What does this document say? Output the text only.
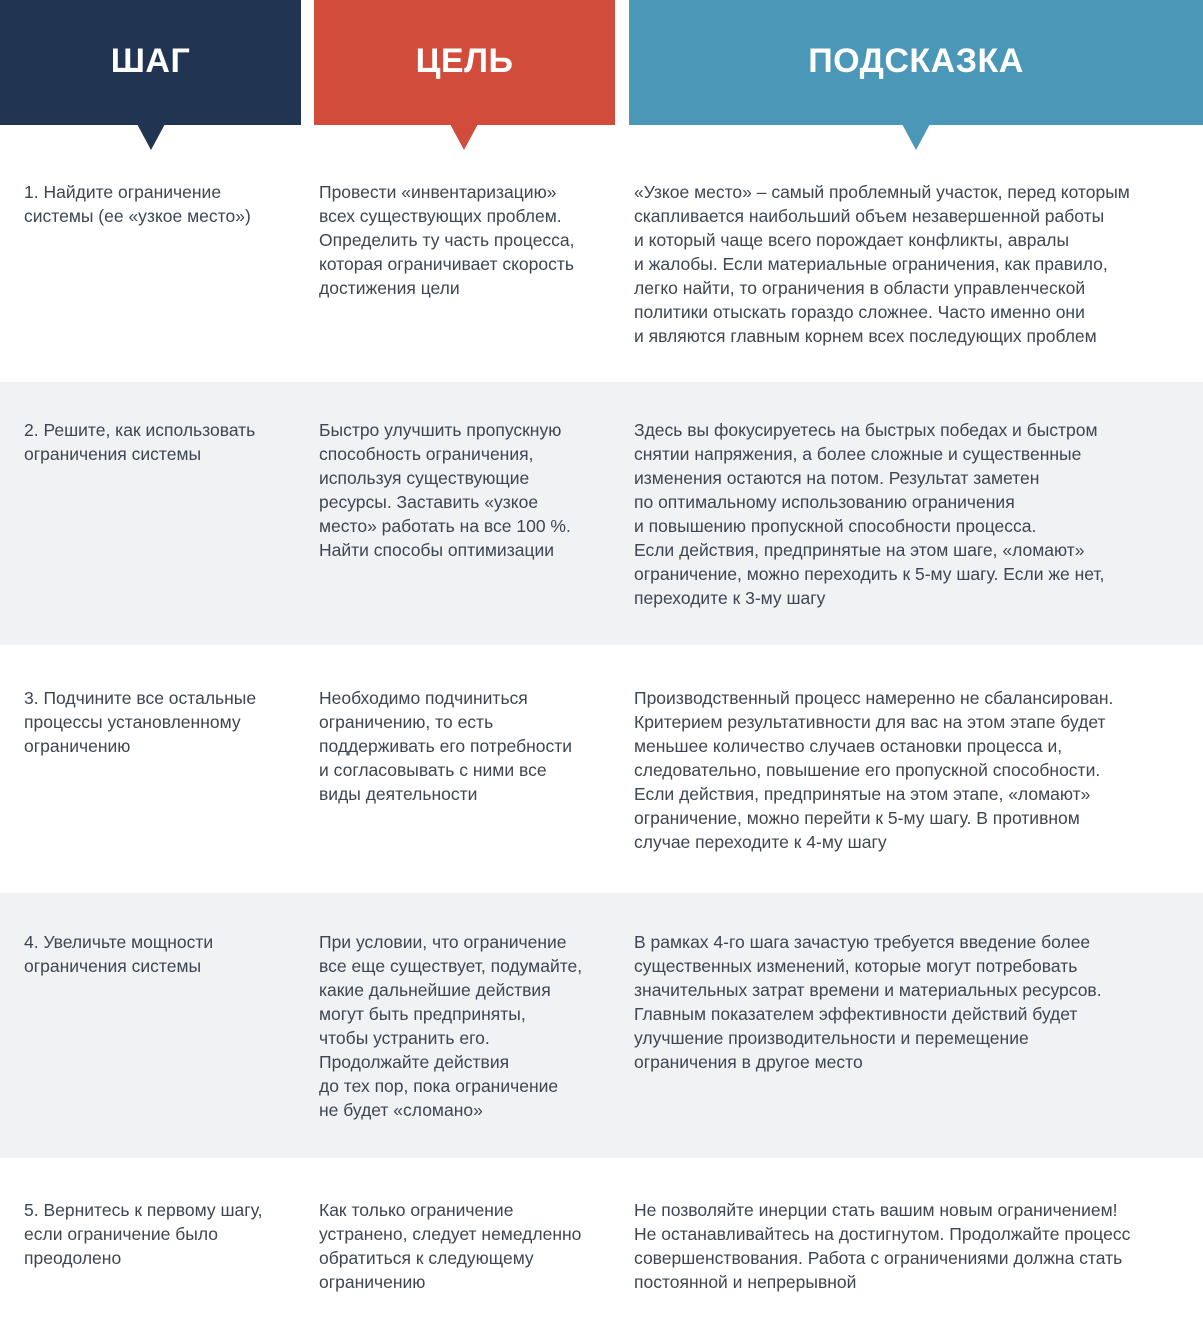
ШАГ	ЦЕЛЬ	ПОДСКАЗКА
1. Найдите ограничение
системы (ее «узкое место»)
Провести «инвентаризацию»
всех существующих проблем.
Определить ту часть процесса,
которая ограничивает скорость
достижения цели
«Узкое место» – самый проблемный участок, перед которым
скапливается наибольший объем незавершенной работы
и который чаще всего порождает конфликты, авралы
и жалобы. Если материальные ограничения, как правило,
легко найти, то ограничения в области управленческой
политики отыскать гораздо сложнее. Часто именно они
и являются главным корнем всех последующих проблем
2. Решите, как использовать
ограничения системы
Быстро улучшить пропускную
способность ограничения,
используя существующие
ресурсы. Заставить «узкое
место» работать на все 100 %.
Найти способы оптимизации
Здесь вы фокусируетесь на быстрых победах и быстром
снятии напряжения, а более сложные и существенные
изменения остаются на потом. Результат заметен
по оптимальному использованию ограничения
и повышению пропускной способности процесса.
Если действия, предпринятые на этом шаге, «ломают»
ограничение, можно переходить к 5-му шагу. Если же нет,
переходите к 3-му шагу
3. Подчините все остальные
процессы установленному
ограничению
Необходимо подчиниться
ограничению, то есть
поддерживать его потребности
и согласовывать с ними все
виды деятельности
Производственный процесс намеренно не сбалансирован.
Критерием результативности для вас на этом этапе будет
меньшее количество случаев остановки процесса и,
следовательно, повышение его пропускной способности.
Если действия, предпринятые на этом этапе, «ломают»
ограничение, можно перейти к 5-му шагу. В противном
случае переходите к 4-му шагу
4. Увеличьте мощности
ограничения системы
При условии, что ограничение
все еще существует, подумайте,
какие дальнейшие действия
могут быть предприняты,
чтобы устранить его.
Продолжайте действия
до тех пор, пока ограничение
не будет «сломано»
В рамках 4-го шага зачастую требуется введение более
существенных изменений, которые могут потребовать
значительных затрат времени и материальных ресурсов.
Главным показателем эффективности действий будет
улучшение производительности и перемещение
ограничения в другое место
5. Вернитесь к первому шагу,
если ограничение было
преодолено
Как только ограничение
устранено, следует немедленно
обратиться к следующему
ограничению
Не позволяйте инерции стать вашим новым ограничением!
Не останавливайтесь на достигнутом. Продолжайте процесс
совершенствования. Работа с ограничениями должна стать
постоянной и непрерывной
